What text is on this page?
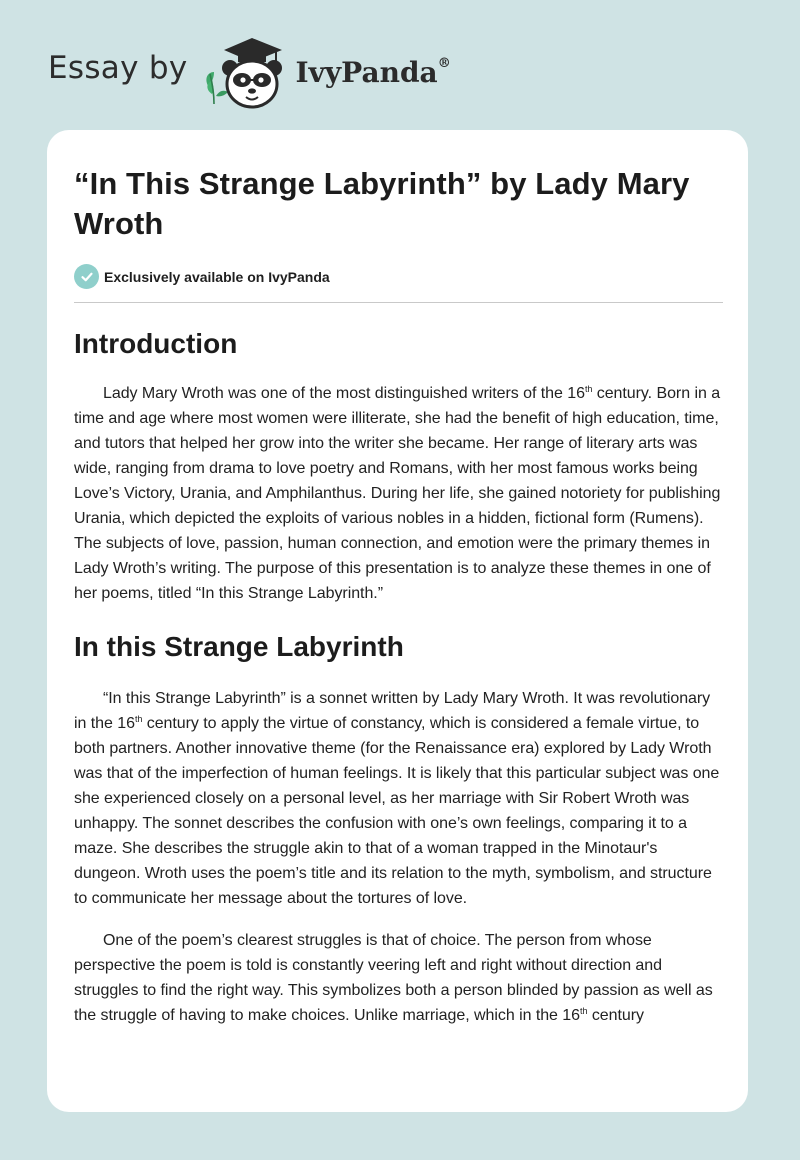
Essay by	IvyPanda®
“In This Strange Labyrinth” by Lady Mary Wroth
Exclusively available on IvyPanda
Introduction

Lady Mary Wroth was one of the most distinguished writers of the 16th century. Born in a time and age where most women were illiterate, she had the benefit of high education, time, and tutors that helped her grow into the writer she became. Her range of literary arts was wide, ranging from drama to love poetry and Romans, with her most famous works being Love’s Victory, Urania, and Amphilanthus. During her life, she gained notoriety for publishing Urania, which depicted the exploits of various nobles in a hidden, fictional form (Rumens). The subjects of love, passion, human connection, and emotion were the primary themes in Lady Wroth’s writing. The purpose of this presentation is to analyze these themes in one of her poems, titled “In this Strange Labyrinth.”

In this Strange Labyrinth

“In this Strange Labyrinth” is a sonnet written by Lady Mary Wroth. It was revolutionary in the 16th century to apply the virtue of constancy, which is considered a female virtue, to both partners. Another innovative theme (for the Renaissance era) explored by Lady Wroth was that of the imperfection of human feelings. It is likely that this particular subject was one she experienced closely on a personal level, as her marriage with Sir Robert Wroth was unhappy. The sonnet describes the confusion with one’s own feelings, comparing it to a maze. She describes the struggle akin to that of a woman trapped in the Minotaur's dungeon. Wroth uses the poem’s title and its relation to the myth, symbolism, and structure to communicate her message about the tortures of love.

One of the poem’s clearest struggles is that of choice. The person from whose perspective the poem is told is constantly veering left and right without direction and struggles to find the right way. This symbolizes both a person blinded by passion as well as the struggle of having to make choices. Unlike marriage, which in the 16th century
